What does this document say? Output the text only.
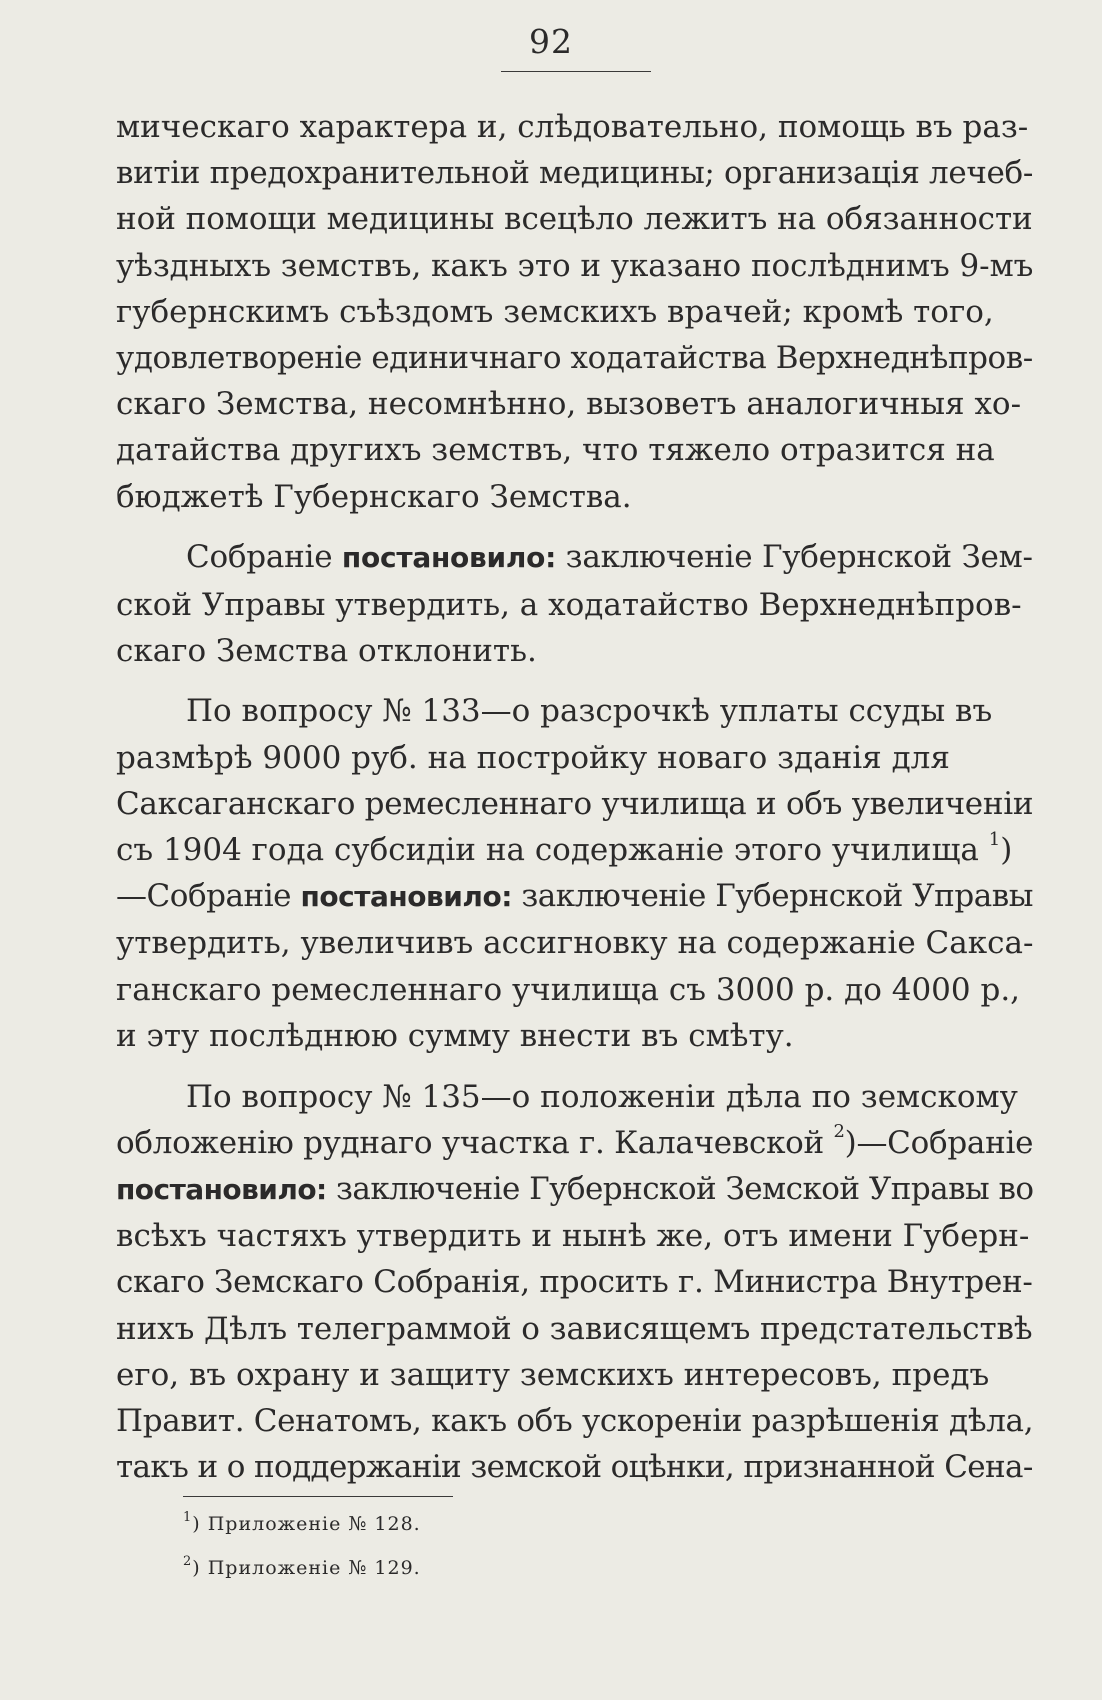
92

мическаго характера и, слѣдовательно, помощь въ раз-
витіи предохранительной медицины; организація лечеб-
ной помощи медицины всецѣло лежитъ на обязанности
уѣздныхъ земствъ, какъ это и указано послѣднимъ 9-мъ
губернскимъ съѣздомъ земскихъ врачей; кромѣ того,
удовлетвореніе единичнаго ходатайства Верхнеднѣпров-
скаго Земства, несомнѣнно, вызоветъ аналогичныя хо-
датайства другихъ земствъ, что тяжело отразится на
бюджетѣ Губернскаго Земства.

Собраніе постановило: заключеніе Губернской Зем-
ской Управы утвердить, а ходатайство Верхнеднѣпров-
скаго Земства отклонить.

По вопросу № 133—о разсрочкѣ уплаты ссуды въ
размѣрѣ 9000 руб. на постройку новаго зданія для
Саксаганскаго ремесленнаго училища и объ увеличеніи
съ 1904 года субсидіи на содержаніе этого училища $^1$)
—Собраніе постановило: заключеніе Губернской Управы
утвердить, увеличивъ ассигновку на содержаніе Сакса-
ганскаго ремесленнаго училища съ 3000 р. до 4000 р.,
и эту послѣднюю сумму внести въ смѣту.

По вопросу № 135—о положеніи дѣла по земскому
обложенію руднаго участка г. Калачевской $^2$)—Собраніе
постановило: заключеніе Губернской Земской Управы во
всѣхъ частяхъ утвердить и нынѣ же, отъ имени Губерн-
скаго Земскаго Собранія, просить г. Министра Внутрен-
нихъ Дѣлъ телеграммой о зависящемъ предстательствѣ
его, въ охрану и защиту земскихъ интересовъ, предъ
Правит. Сенатомъ, какъ объ ускореніи разрѣшенія дѣла,
такъ и о поддержаніи земской оцѣнки, признанной Сена-

$^1$) Приложеніе № 128.
$^2$) Приложеніе № 129.
